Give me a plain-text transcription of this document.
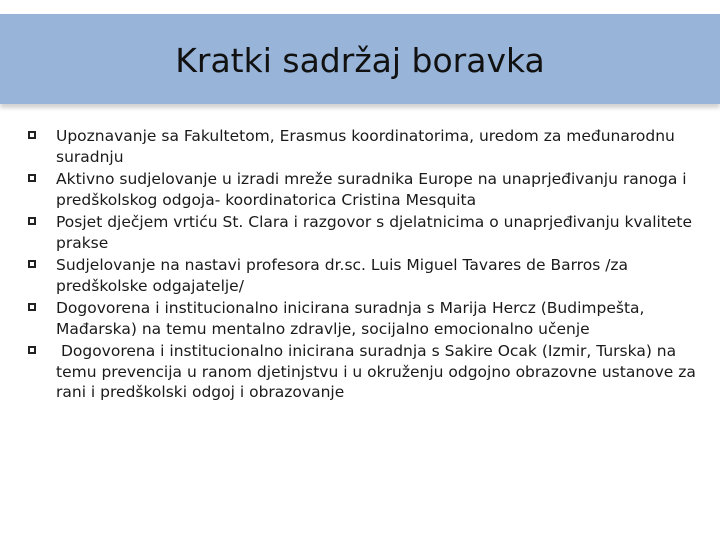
Kratki sadržaj boravka
Upoznavanje sa Fakultetom, Erasmus koordinatorima, uredom za međunarodnu suradnju
Aktivno sudjelovanje u izradi mreže suradnika Europe na unaprjeđivanju ranoga i predškolskog odgoja- koordinatorica Cristina Mesquita
Posjet dječjem vrtiću St. Clara i razgovor s djelatnicima o unaprjeđivanju kvalitete prakse
Sudjelovanje na nastavi profesora dr.sc. Luis Miguel Tavares de Barros /za predškolske odgajatelje/
Dogovorena i institucionalno inicirana suradnja s Marija Hercz (Budimpešta, Mađarska) na temu mentalno zdravlje, socijalno emocionalno učenje
Dogovorena i institucionalno inicirana suradnja s Sakire Ocak (Izmir, Turska) na temu prevencija u ranom djetinjstvu i u okruženju odgojno obrazovne ustanove za rani i predškolski odgoj i obrazovanje
